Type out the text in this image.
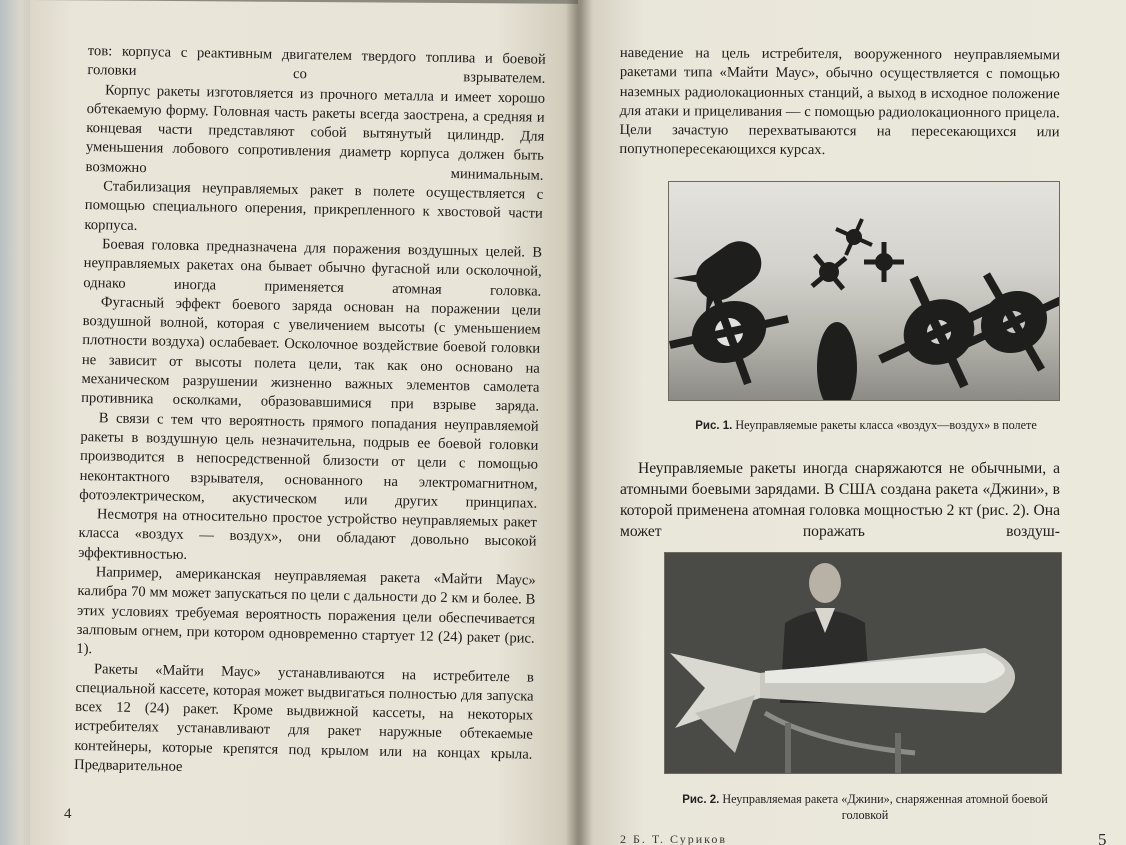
тов: корпуса с реактивным двигателем твердого топлива и боевой головки со взрывателем.

Корпус ракеты изготовляется из прочного металла и имеет хорошо обтекаемую форму. Головная часть ракеты всегда заострена, а средняя и концевая части представляют собой вытянутый цилиндр. Для уменьшения лобового сопротивления диаметр корпуса должен быть возможно минимальным.

Стабилизация неуправляемых ракет в полете осуществляется с помощью специального оперения, прикрепленного к хвостовой части корпуса.

Боевая головка предназначена для поражения воздушных целей. В неуправляемых ракетах она бывает обычно фугасной или осколочной, однако иногда применяется атомная головка.

Фугасный эффект боевого заряда основан на поражении цели воздушной волной, которая с увеличением высоты (с уменьшением плотности воздуха) ослабевает. Осколочное воздействие боевой головки не зависит от высоты полета цели, так как оно основано на механическом разрушении жизненно важных элементов самолета противника осколками, образовавшимися при взрыве заряда.

В связи с тем что вероятность прямого попадания неуправляемой ракеты в воздушную цель незначительна, подрыв ее боевой головки производится в непосредственной близости от цели с помощью неконтактного взрывателя, основанного на электромагнитном, фотоэлектрическом, акустическом или других принципах.

Несмотря на относительно простое устройство неуправляемых ракет класса «воздух — воздух», они обладают довольно высокой эффективностью.

Например, американская неуправляемая ракета «Майти Маус» калибра 70 мм может запускаться по цели с дальности до 2 км и более. В этих условиях требуемая вероятность поражения цели обеспечивается залповым огнем, при котором одновременно стартует 12 (24) ракет (рис. 1).

Ракеты «Майти Маус» устанавливаются на истребителе в специальной кассете, которая может выдвигаться полностью для запуска всех 12 (24) ракет. Кроме выдвижной кассеты, на некоторых истребителях устанавливают для ракет наружные обтекаемые контейнеры, которые крепятся под крылом или на концах крыла. Предварительное

4

наведение на цель истребителя, вооруженного неуправляемыми ракетами типа «Майти Маус», обычно осуществляется с помощью наземных радиолокационных станций, а выход в исходное положение для атаки и прицеливания — с помощью радиолокационного прицела. Цели зачастую перехватываются на пересекающихся или попутнопересекающихся курсах.

Рис. 1. Неуправляемые ракеты класса «воздух—воздух» в полете

Неуправляемые ракеты иногда снаряжаются не обычными, а атомными боевыми зарядами. В США создана ракета «Джини», в которой применена атомная головка мощностью 2 кт (рис. 2). Она может поражать воздуш-

Рис. 2. Неуправляемая ракета «Джини», снаряженная атомной боевой головкой
2 Б. Т. Суриков	5
